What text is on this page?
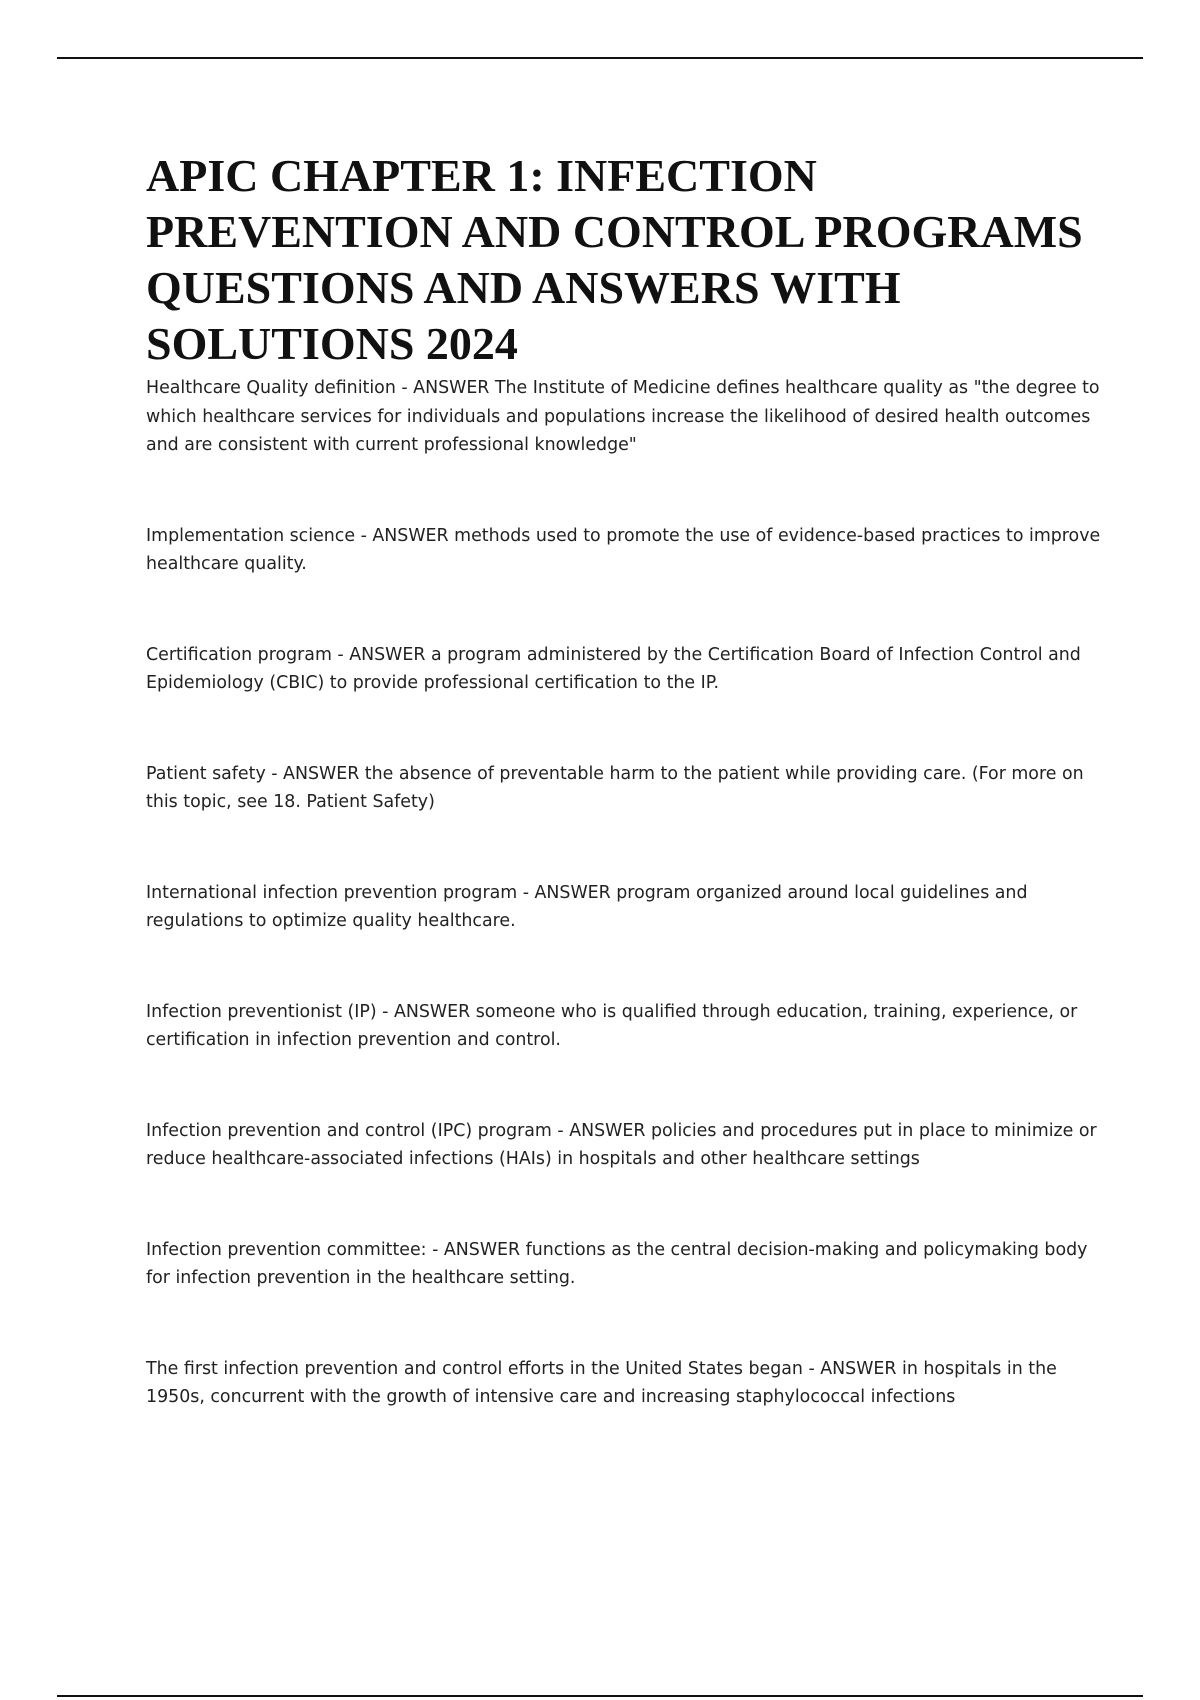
APIC CHAPTER 1: INFECTION PREVENTION AND CONTROL PROGRAMS QUESTIONS AND ANSWERS WITH SOLUTIONS 2024

Healthcare Quality definition - ANSWER The Institute of Medicine defines healthcare quality as "the degree to which healthcare services for individuals and populations increase the likelihood of desired health outcomes and are consistent with current professional knowledge"

Implementation science - ANSWER methods used to promote the use of evidence-based practices to improve healthcare quality.

Certification program - ANSWER a program administered by the Certification Board of Infection Control and Epidemiology (CBIC) to provide professional certification to the IP.

Patient safety - ANSWER the absence of preventable harm to the patient while providing care. (For more on this topic, see 18. Patient Safety)

International infection prevention program - ANSWER program organized around local guidelines and regulations to optimize quality healthcare.

Infection preventionist (IP) - ANSWER someone who is qualified through education, training, experience, or certification in infection prevention and control.

Infection prevention and control (IPC) program - ANSWER policies and procedures put in place to minimize or reduce healthcare-associated infections (HAIs) in hospitals and other healthcare settings

Infection prevention committee: - ANSWER functions as the central decision-making and policymaking body for infection prevention in the healthcare setting.

The first infection prevention and control efforts in the United States began - ANSWER in hospitals in the 1950s, concurrent with the growth of intensive care and increasing staphylococcal infections
